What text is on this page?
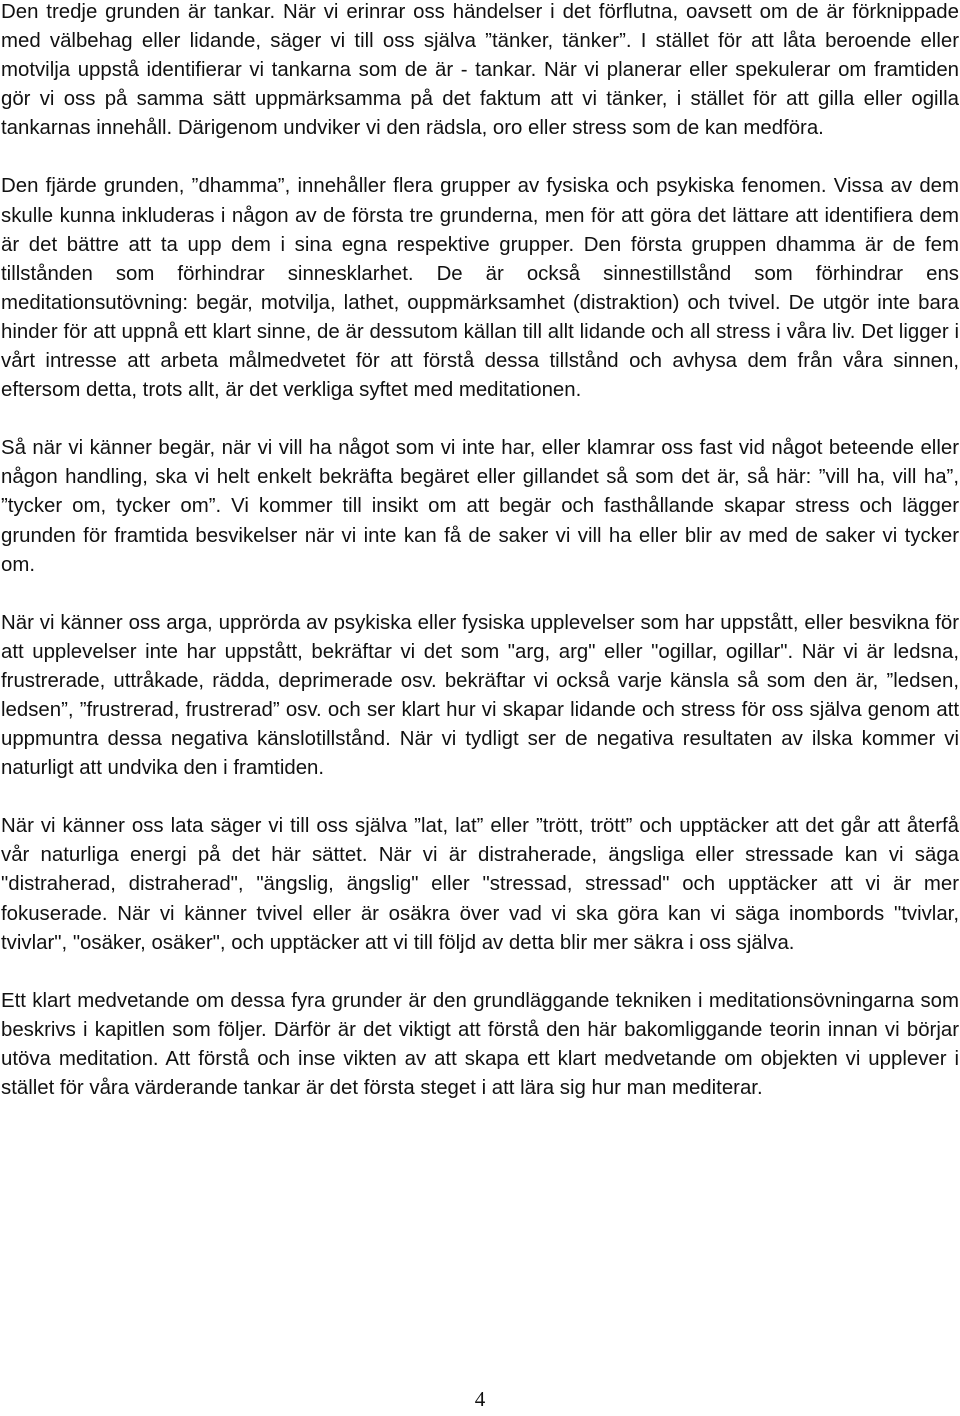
Den tredje grunden är tankar. När vi erinrar oss händelser i det förflutna, oavsett om de är förknippade med välbehag eller lidande, säger vi till oss själva ”tänker, tänker”. I stället för att låta beroende eller motvilja uppstå identifierar vi tankarna som de är - tankar. När vi planerar eller spekulerar om framtiden gör vi oss på samma sätt uppmärksamma på det faktum att vi tänker, i stället för att gilla eller ogilla tankarnas innehåll. Därigenom undviker vi den rädsla, oro eller stress som de kan medföra.

Den fjärde grunden, ”dhamma”, innehåller flera grupper av fysiska och psykiska fenomen. Vissa av dem skulle kunna inkluderas i någon av de första tre grunderna, men för att göra det lättare att identifiera dem är det bättre att ta upp dem i sina egna respektive grupper. Den första gruppen dhamma är de fem tillstånden som förhindrar sinnesklarhet. De är också sinnestillstånd som förhindrar ens meditationsutövning: begär, motvilja, lathet, ouppmärksamhet (distraktion) och tvivel. De utgör inte bara hinder för att uppnå ett klart sinne, de är dessutom källan till allt lidande och all stress i våra liv. Det ligger i vårt intresse att arbeta målmedvetet för att förstå dessa tillstånd och avhysa dem från våra sinnen, eftersom detta, trots allt, är det verkliga syftet med meditationen.

Så när vi känner begär, när vi vill ha något som vi inte har, eller klamrar oss fast vid något beteende eller någon handling, ska vi helt enkelt bekräfta begäret eller gillandet så som det är, så här: ”vill ha, vill ha”, ”tycker om, tycker om”. Vi kommer till insikt om att begär och fasthållande skapar stress och lägger grunden för framtida besvikelser när vi inte kan få de saker vi vill ha eller blir av med de saker vi tycker om.

När vi känner oss arga, upprörda av psykiska eller fysiska upplevelser som har uppstått, eller besvikna för att upplevelser inte har uppstått, bekräftar vi det som "arg, arg" eller "ogillar, ogillar". När vi är ledsna, frustrerade, uttråkade, rädda, deprimerade osv. bekräftar vi också varje känsla så som den är, ”ledsen, ledsen”, ”frustrerad, frustrerad” osv. och ser klart hur vi skapar lidande och stress för oss själva genom att uppmuntra dessa negativa känslotillstånd. När vi tydligt ser de negativa resultaten av ilska kommer vi naturligt att undvika den i framtiden.

När vi känner oss lata säger vi till oss själva ”lat, lat” eller ”trött, trött” och upptäcker att det går att återfå vår naturliga energi på det här sättet. När vi är distraherade, ängsliga eller stressade kan vi säga "distraherad, distraherad", "ängslig, ängslig" eller "stressad, stressad" och upptäcker att vi är mer fokuserade. När vi känner tvivel eller är osäkra över vad vi ska göra kan vi säga inombords "tvivlar, tvivlar", "osäker, osäker", och upptäcker att vi till följd av detta blir mer säkra i oss själva.

Ett klart medvetande om dessa fyra grunder är den grundläggande tekniken i meditationsövningarna som beskrivs i kapitlen som följer. Därför är det viktigt att förstå den här bakomliggande teorin innan vi börjar utöva meditation. Att förstå och inse vikten av att skapa ett klart medvetande om objekten vi upplever i stället för våra värderande tankar är det första steget i att lära sig hur man mediterar.

4
